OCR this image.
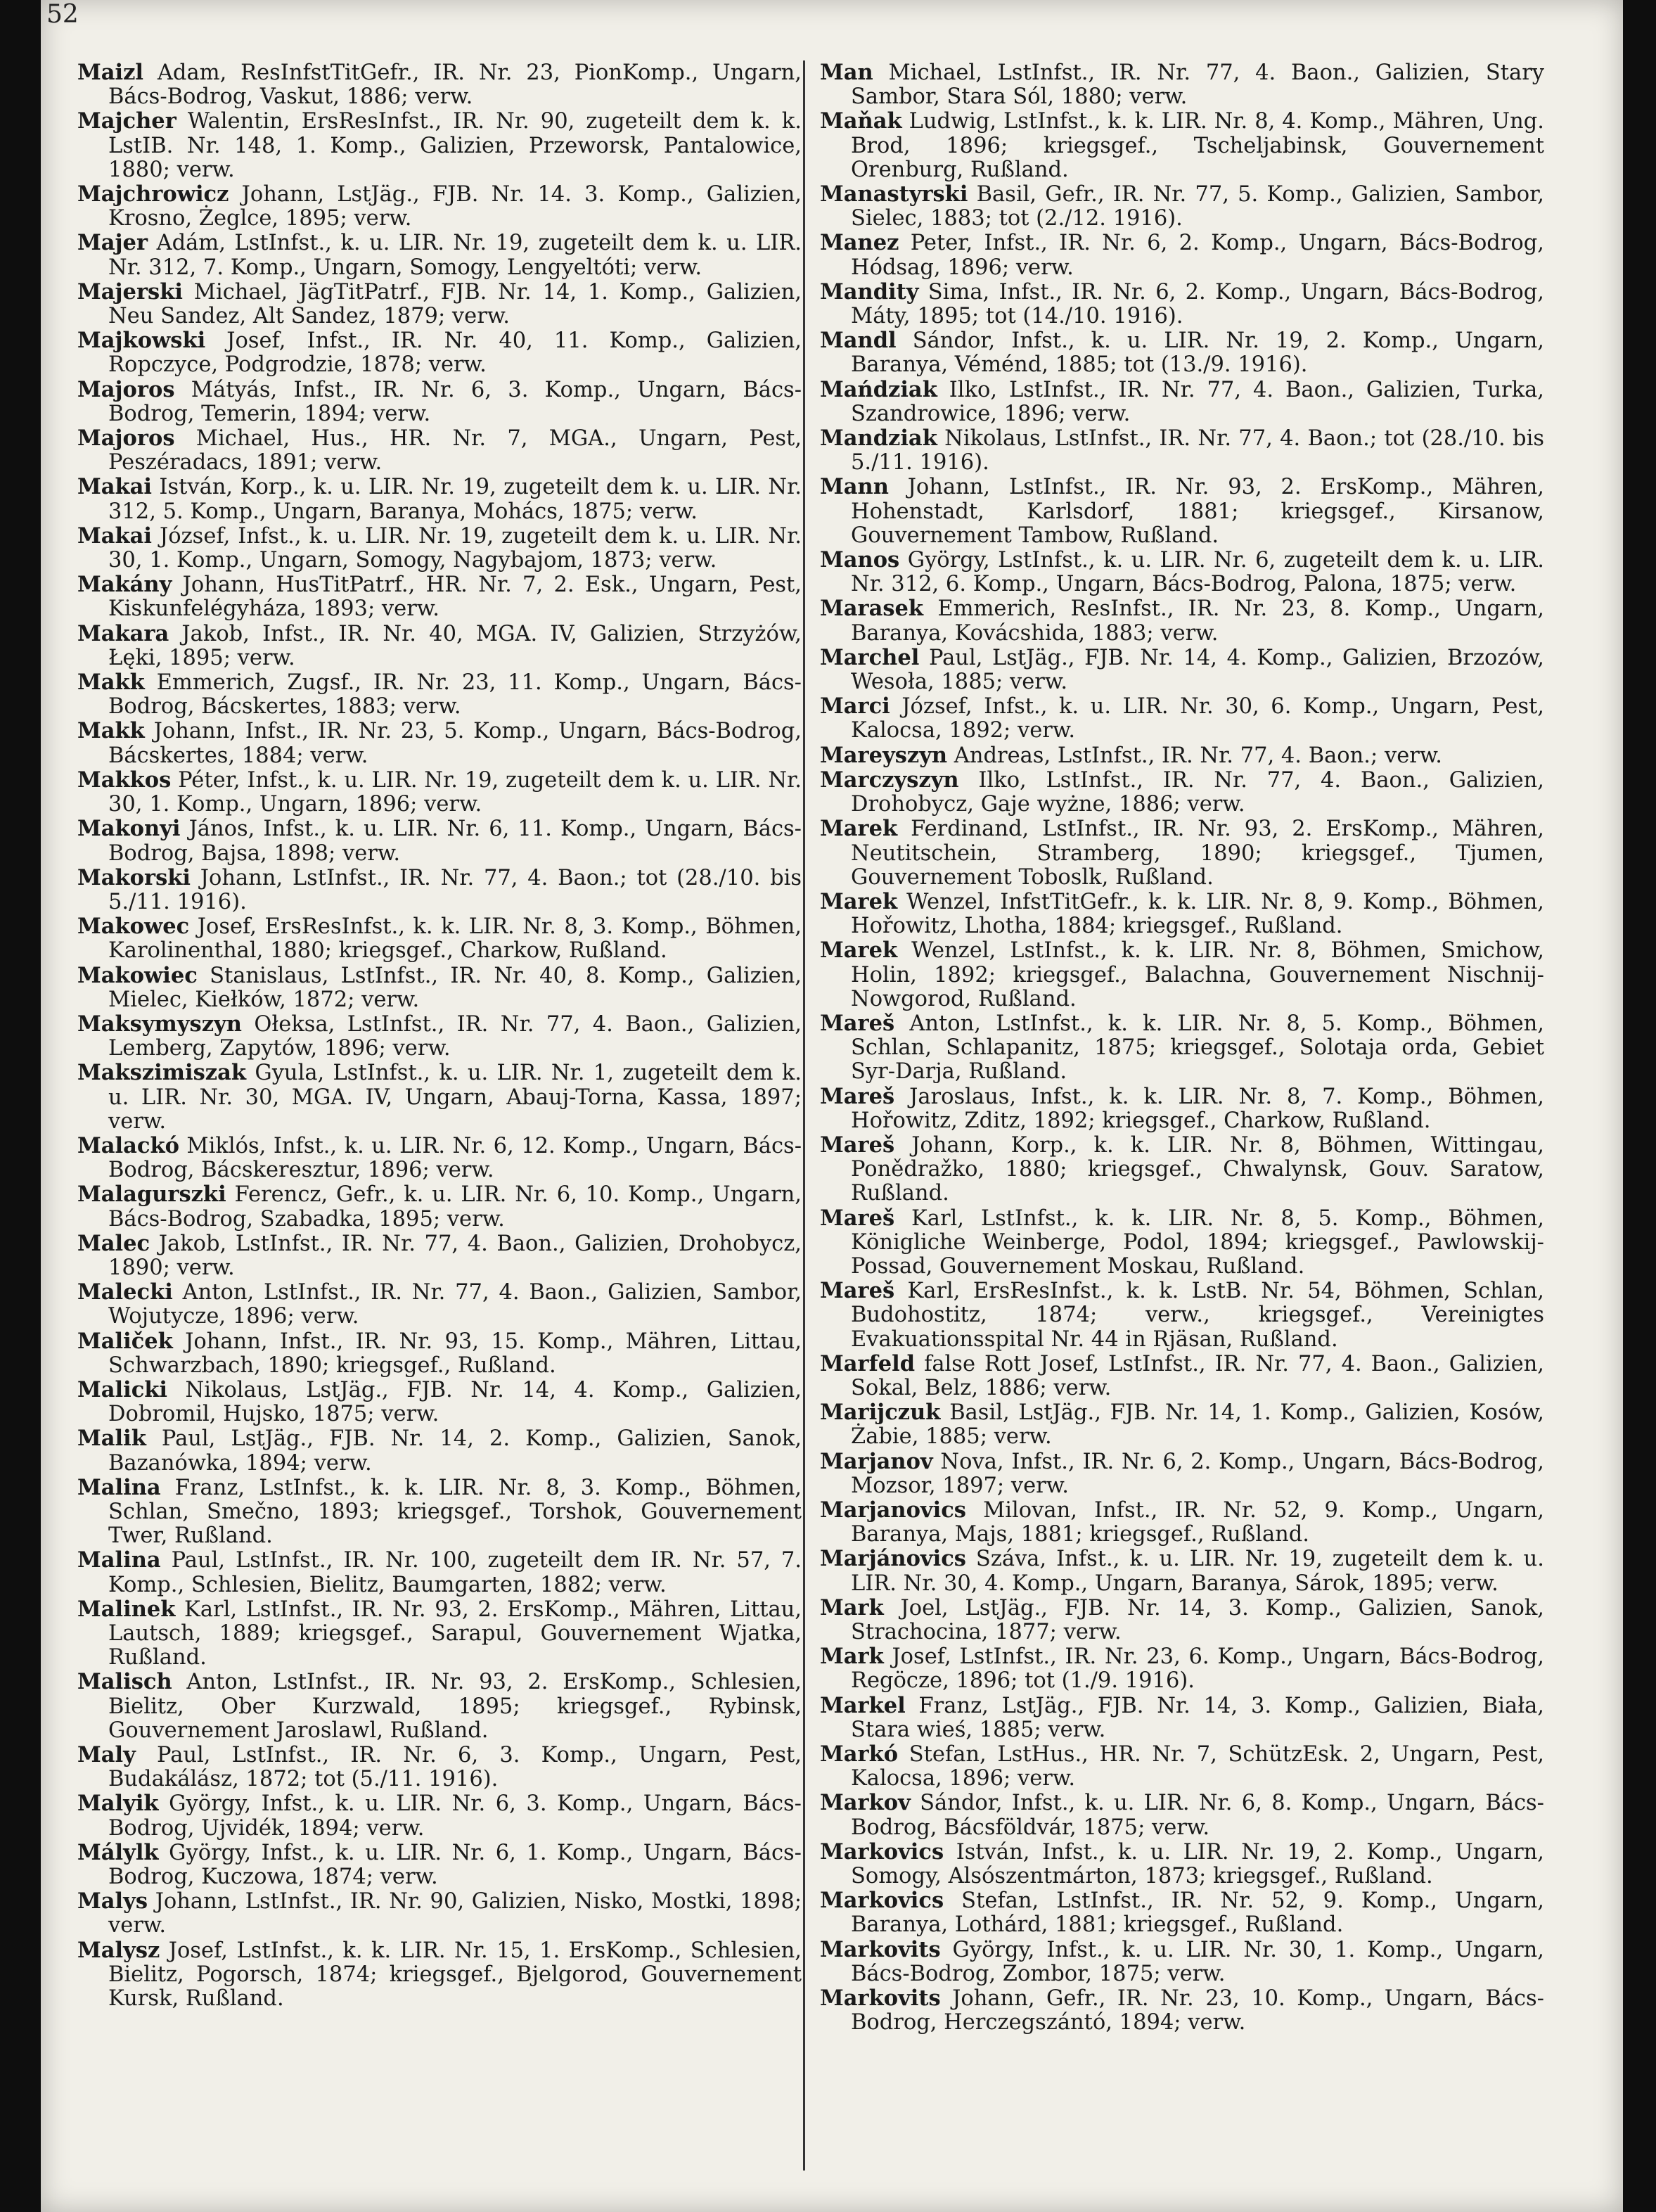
52

Maizl Adam, ResInfstTitGefr., IR. Nr. 23, PionKomp., Ungarn, Bács-Bodrog, Vaskut, 1886; verw.

Majcher Walentin, ErsResInfst., IR. Nr. 90, zugeteilt dem k. k. LstIB. Nr. 148, 1. Komp., Galizien, Przeworsk, Pantalowice, 1880; verw.

Majchrowicz Johann, LstJäg., FJB. Nr. 14. 3. Komp., Galizien, Krosno, Żeglce, 1895; verw.

Majer Adám, LstInfst., k. u. LIR. Nr. 19, zugeteilt dem k. u. LIR. Nr. 312, 7. Komp., Ungarn, Somogy, Lengyeltóti; verw.

Majerski Michael, JägTitPatrf., FJB. Nr. 14, 1. Komp., Galizien, Neu Sandez, Alt Sandez, 1879; verw.

Majkowski Josef, Infst., IR. Nr. 40, 11. Komp., Galizien, Ropczyce, Podgrodzie, 1878; verw.

Majoros Mátyás, Infst., IR. Nr. 6, 3. Komp., Ungarn, Bács-Bodrog, Temerin, 1894; verw.

Majoros Michael, Hus., HR. Nr. 7, MGA., Ungarn, Pest, Peszéradacs, 1891; verw.

Makai István, Korp., k. u. LIR. Nr. 19, zugeteilt dem k. u. LIR. Nr. 312, 5. Komp., Ungarn, Baranya, Mohács, 1875; verw.

Makai József, Infst., k. u. LIR. Nr. 19, zugeteilt dem k. u. LIR. Nr. 30, 1. Komp., Ungarn, Somogy, Nagybajom, 1873; verw.

Makány Johann, HusTitPatrf., HR. Nr. 7, 2. Esk., Ungarn, Pest, Kiskunfelégyháza, 1893; verw.

Makara Jakob, Infst., IR. Nr. 40, MGA. IV, Galizien, Strzyżów, Łęki, 1895; verw.

Makk Emmerich, Zugsf., IR. Nr. 23, 11. Komp., Ungarn, Bács-Bodrog, Bácskertes, 1883; verw.

Makk Johann, Infst., IR. Nr. 23, 5. Komp., Ungarn, Bács-Bodrog, Bácskertes, 1884; verw.

Makkos Péter, Infst., k. u. LIR. Nr. 19, zugeteilt dem k. u. LIR. Nr. 30, 1. Komp., Ungarn, 1896; verw.

Makonyi János, Infst., k. u. LIR. Nr. 6, 11. Komp., Ungarn, Bács-Bodrog, Bajsa, 1898; verw.

Makorski Johann, LstInfst., IR. Nr. 77, 4. Baon.; tot (28./10. bis 5./11. 1916).

Makowec Josef, ErsResInfst., k. k. LIR. Nr. 8, 3. Komp., Böhmen, Karolinenthal, 1880; kriegsgef., Charkow, Rußland.

Makowiec Stanislaus, LstInfst., IR. Nr. 40, 8. Komp., Galizien, Mielec, Kiełków, 1872; verw.

Maksymyszyn Ołeksa, LstInfst., IR. Nr. 77, 4. Baon., Galizien, Lemberg, Zapytów, 1896; verw.

Makszimiszak Gyula, LstInfst., k. u. LIR. Nr. 1, zugeteilt dem k. u. LIR. Nr. 30, MGA. IV, Ungarn, Abauj-Torna, Kassa, 1897; verw.

Malackó Miklós, Infst., k. u. LIR. Nr. 6, 12. Komp., Ungarn, Bács-Bodrog, Bácskeresztur, 1896; verw.

Malagurszki Ferencz, Gefr., k. u. LIR. Nr. 6, 10. Komp., Ungarn, Bács-Bodrog, Szabadka, 1895; verw.

Malec Jakob, LstInfst., IR. Nr. 77, 4. Baon., Galizien, Drohobycz, 1890; verw.

Malecki Anton, LstInfst., IR. Nr. 77, 4. Baon., Galizien, Sambor, Wojutycze, 1896; verw.

Maliček Johann, Infst., IR. Nr. 93, 15. Komp., Mähren, Littau, Schwarzbach, 1890; kriegsgef., Rußland.

Malicki Nikolaus, LstJäg., FJB. Nr. 14, 4. Komp., Galizien, Dobromil, Hujsko, 1875; verw.

Malik Paul, LstJäg., FJB. Nr. 14, 2. Komp., Galizien, Sanok, Bazanówka, 1894; verw.

Malina Franz, LstInfst., k. k. LIR. Nr. 8, 3. Komp., Böhmen, Schlan, Smečno, 1893; kriegsgef., Torshok, Gouvernement Twer, Rußland.

Malina Paul, LstInfst., IR. Nr. 100, zugeteilt dem IR. Nr. 57, 7. Komp., Schlesien, Bielitz, Baumgarten, 1882; verw.

Malinek Karl, LstInfst., IR. Nr. 93, 2. ErsKomp., Mähren, Littau, Lautsch, 1889; kriegsgef., Sarapul, Gouvernement Wjatka, Rußland.

Malisch Anton, LstInfst., IR. Nr. 93, 2. ErsKomp., Schlesien, Bielitz, Ober Kurzwald, 1895; kriegsgef., Rybinsk, Gouvernement Jaroslawl, Rußland.

Maly Paul, LstInfst., IR. Nr. 6, 3. Komp., Ungarn, Pest, Budakálász, 1872; tot (5./11. 1916).

Malyik György, Infst., k. u. LIR. Nr. 6, 3. Komp., Ungarn, Bács-Bodrog, Ujvidék, 1894; verw.

Málylk György, Infst., k. u. LIR. Nr. 6, 1. Komp., Ungarn, Bács-Bodrog, Kuczowa, 1874; verw.

Malys Johann, LstInfst., IR. Nr. 90, Galizien, Nisko, Mostki, 1898; verw.

Malysz Josef, LstInfst., k. k. LIR. Nr. 15, 1. ErsKomp., Schlesien, Bielitz, Pogorsch, 1874; kriegsgef., Bjelgorod, Gouvernement Kursk, Rußland.

Man Michael, LstInfst., IR. Nr. 77, 4. Baon., Galizien, Stary Sambor, Stara Sól, 1880; verw.

Maňak Ludwig, LstInfst., k. k. LIR. Nr. 8, 4. Komp., Mähren, Ung. Brod, 1896; kriegsgef., Tscheljabinsk, Gouvernement Orenburg, Rußland.

Manastyrski Basil, Gefr., IR. Nr. 77, 5. Komp., Galizien, Sambor, Sielec, 1883; tot (2./12. 1916).

Manez Peter, Infst., IR. Nr. 6, 2. Komp., Ungarn, Bács-Bodrog, Hódsag, 1896; verw.

Mandity Sima, Infst., IR. Nr. 6, 2. Komp., Ungarn, Bács-Bodrog, Máty, 1895; tot (14./10. 1916).

Mandl Sándor, Infst., k. u. LIR. Nr. 19, 2. Komp., Ungarn, Baranya, Véménd, 1885; tot (13./9. 1916).

Mańdziak Ilko, LstInfst., IR. Nr. 77, 4. Baon., Galizien, Turka, Szandrowice, 1896; verw.

Mandziak Nikolaus, LstInfst., IR. Nr. 77, 4. Baon.; tot (28./10. bis 5./11. 1916).

Mann Johann, LstInfst., IR. Nr. 93, 2. ErsKomp., Mähren, Hohenstadt, Karlsdorf, 1881; kriegsgef., Kirsanow, Gouvernement Tambow, Rußland.

Manos György, LstInfst., k. u. LIR. Nr. 6, zugeteilt dem k. u. LIR. Nr. 312, 6. Komp., Ungarn, Bács-Bodrog, Palona, 1875; verw.

Marasek Emmerich, ResInfst., IR. Nr. 23, 8. Komp., Ungarn, Baranya, Kovácshida, 1883; verw.

Marchel Paul, LstJäg., FJB. Nr. 14, 4. Komp., Galizien, Brzozów, Wesoła, 1885; verw.

Marci József, Infst., k. u. LIR. Nr. 30, 6. Komp., Ungarn, Pest, Kalocsa, 1892; verw.

Mareyszyn Andreas, LstInfst., IR. Nr. 77, 4. Baon.; verw.

Marczyszyn Ilko, LstInfst., IR. Nr. 77, 4. Baon., Galizien, Drohobycz, Gaje wyżne, 1886; verw.

Marek Ferdinand, LstInfst., IR. Nr. 93, 2. ErsKomp., Mähren, Neutitschein, Stramberg, 1890; kriegsgef., Tjumen, Gouvernement Toboslk, Rußland.

Marek Wenzel, InfstTitGefr., k. k. LIR. Nr. 8, 9. Komp., Böhmen, Hořowitz, Lhotha, 1884; kriegsgef., Rußland.

Marek Wenzel, LstInfst., k. k. LIR. Nr. 8, Böhmen, Smichow, Holin, 1892; kriegsgef., Balachna, Gouvernement Nischnij-Nowgorod, Rußland.

Mareš Anton, LstInfst., k. k. LIR. Nr. 8, 5. Komp., Böhmen, Schlan, Schlapanitz, 1875; kriegsgef., Solotaja orda, Gebiet Syr-Darja, Rußland.

Mareš Jaroslaus, Infst., k. k. LIR. Nr. 8, 7. Komp., Böhmen, Hořowitz, Zditz, 1892; kriegsgef., Charkow, Rußland.

Mareš Johann, Korp., k. k. LIR. Nr. 8, Böhmen, Wittingau, Ponědražko, 1880; kriegsgef., Chwalynsk, Gouv. Saratow, Rußland.

Mareš Karl, LstInfst., k. k. LIR. Nr. 8, 5. Komp., Böhmen, Königliche Weinberge, Podol, 1894; kriegsgef., Pawlowskij-Possad, Gouvernement Moskau, Rußland.

Mareš Karl, ErsResInfst., k. k. LstB. Nr. 54, Böhmen, Schlan, Budohostitz, 1874; verw., kriegsgef., Vereinigtes Evakuationsspital Nr. 44 in Rjäsan, Rußland.

Marfeld false Rott Josef, LstInfst., IR. Nr. 77, 4. Baon., Galizien, Sokal, Belz, 1886; verw.

Marijczuk Basil, LstJäg., FJB. Nr. 14, 1. Komp., Galizien, Kosów, Żabie, 1885; verw.

Marjanov Nova, Infst., IR. Nr. 6, 2. Komp., Ungarn, Bács-Bodrog, Mozsor, 1897; verw.

Marjanovics Milovan, Infst., IR. Nr. 52, 9. Komp., Ungarn, Baranya, Majs, 1881; kriegsgef., Rußland.

Marjánovics Száva, Infst., k. u. LIR. Nr. 19, zugeteilt dem k. u. LIR. Nr. 30, 4. Komp., Ungarn, Baranya, Sárok, 1895; verw.

Mark Joel, LstJäg., FJB. Nr. 14, 3. Komp., Galizien, Sanok, Strachocina, 1877; verw.

Mark Josef, LstInfst., IR. Nr. 23, 6. Komp., Ungarn, Bács-Bodrog, Regöcze, 1896; tot (1./9. 1916).

Markel Franz, LstJäg., FJB. Nr. 14, 3. Komp., Galizien, Biała, Stara wieś, 1885; verw.

Markó Stefan, LstHus., HR. Nr. 7, SchützEsk. 2, Ungarn, Pest, Kalocsa, 1896; verw.

Markov Sándor, Infst., k. u. LIR. Nr. 6, 8. Komp., Ungarn, Bács-Bodrog, Bácsföldvár, 1875; verw.

Markovics István, Infst., k. u. LIR. Nr. 19, 2. Komp., Ungarn, Somogy, Alsószentmárton, 1873; kriegsgef., Rußland.

Markovics Stefan, LstInfst., IR. Nr. 52, 9. Komp., Ungarn, Baranya, Lothárd, 1881; kriegsgef., Rußland.

Markovits György, Infst., k. u. LIR. Nr. 30, 1. Komp., Ungarn, Bács-Bodrog, Zombor, 1875; verw.

Markovits Johann, Gefr., IR. Nr. 23, 10. Komp., Ungarn, Bács-Bodrog, Herczegszántó, 1894; verw.
